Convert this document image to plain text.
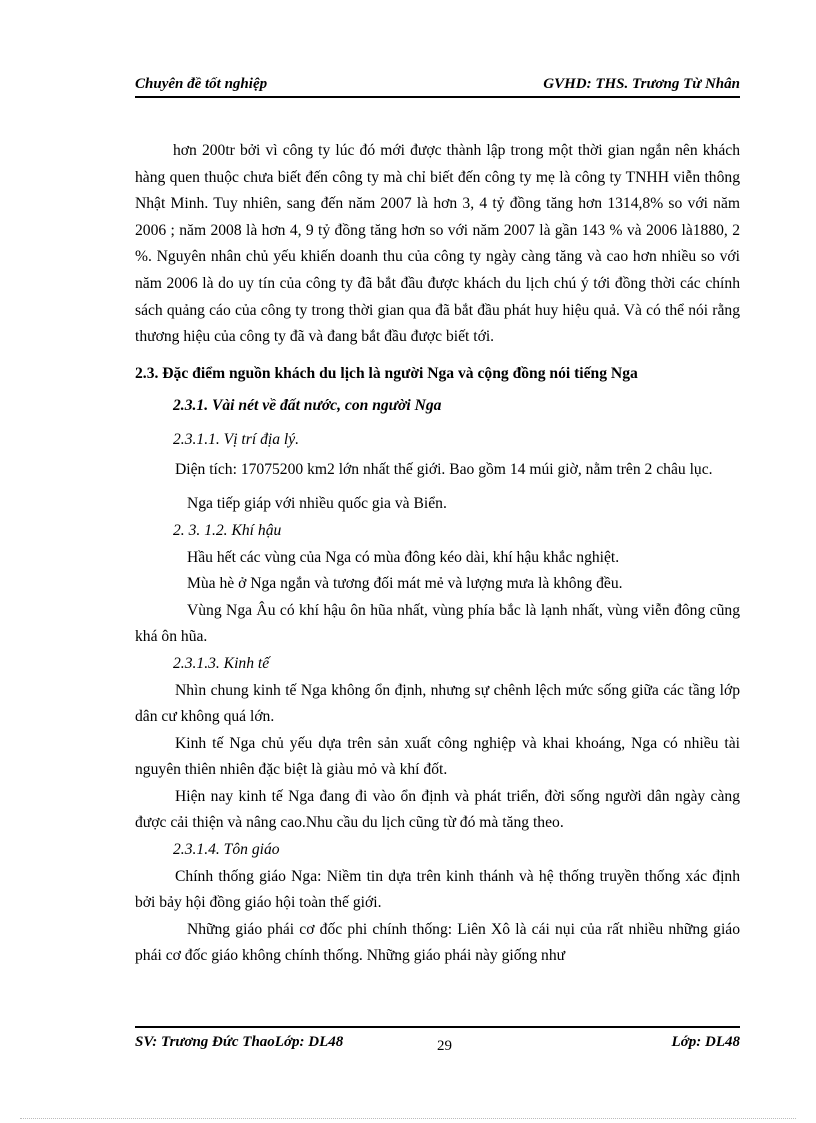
Chuyên đề tốt nghiệp	GVHD: THS. Trương Từ Nhân

hơn 200tr bởi vì công ty lúc đó mới được thành lập trong một thời gian ngắn nên khách hàng quen thuộc chưa biết đến công ty mà chỉ biết đến công ty mẹ là công ty TNHH viễn thông Nhật Minh. Tuy nhiên, sang đến năm 2007 là hơn 3, 4 tỷ đồng tăng hơn 1314,8% so với năm 2006 ; năm 2008 là hơn 4, 9 tỷ đồng tăng hơn so với năm 2007 là gần 143 % và 2006 là1880, 2 %. Nguyên nhân chủ yếu khiến doanh thu của công ty ngày càng tăng và cao hơn nhiều so với năm 2006 là do uy tín của công ty đã bắt đầu được khách du lịch chú ý tới đồng thời các chính sách quảng cáo của công ty trong thời gian qua đã bắt đầu phát huy hiệu quả. Và có thể nói rằng thương hiệu của công ty đã và đang bắt đầu được biết tới.

2.3. Đặc điểm nguồn khách du lịch là người Nga và cộng đồng nói tiếng Nga

2.3.1. Vài nét về đất nước, con người Nga

2.3.1.1. Vị trí địa lý.

Diện tích: 17075200 km2 lớn nhất thế giới. Bao gồm 14 múi giờ, nằm trên 2 châu lục.

Nga tiếp giáp với nhiều quốc gia và Biển.

2. 3. 1.2. Khí hậu

Hầu hết các vùng của Nga có mùa đông kéo dài, khí hậu khắc nghiệt.

Mùa hè ở Nga ngắn và tương đối mát mẻ và lượng mưa là không đều.

Vùng Nga Âu có khí hậu ôn hũa nhất, vùng phía bắc là lạnh nhất, vùng viễn đông cũng khá ôn hũa.

2.3.1.3. Kinh tế

Nhìn chung kinh tế Nga không ổn định, nhưng sự chênh lệch mức sống giữa các tầng lớp dân cư không quá lớn.

Kinh tế Nga chủ yếu dựa trên sản xuất công nghiệp và khai khoáng, Nga có nhiều tài nguyên thiên nhiên đặc biệt là giàu mỏ và khí đốt.

Hiện nay kinh tế Nga đang đi vào ổn định và phát triển, đời sống người dân ngày càng được cải thiện và nâng cao.Nhu cầu du lịch cũng từ đó mà tăng theo.

2.3.1.4. Tôn giáo

Chính thống giáo Nga: Niềm tin dựa trên kinh thánh và hệ thống truyền thống xác định bởi bảy hội đồng giáo hội toàn thế giới.

Những giáo phái cơ đốc phi chính thống: Liên Xô là cái nụi của rất nhiều những giáo phái cơ đốc giáo không chính thống. Những giáo phái này giống như

SV: Trương Đức ThaoLớp: DL48	29	Lớp: DL48
